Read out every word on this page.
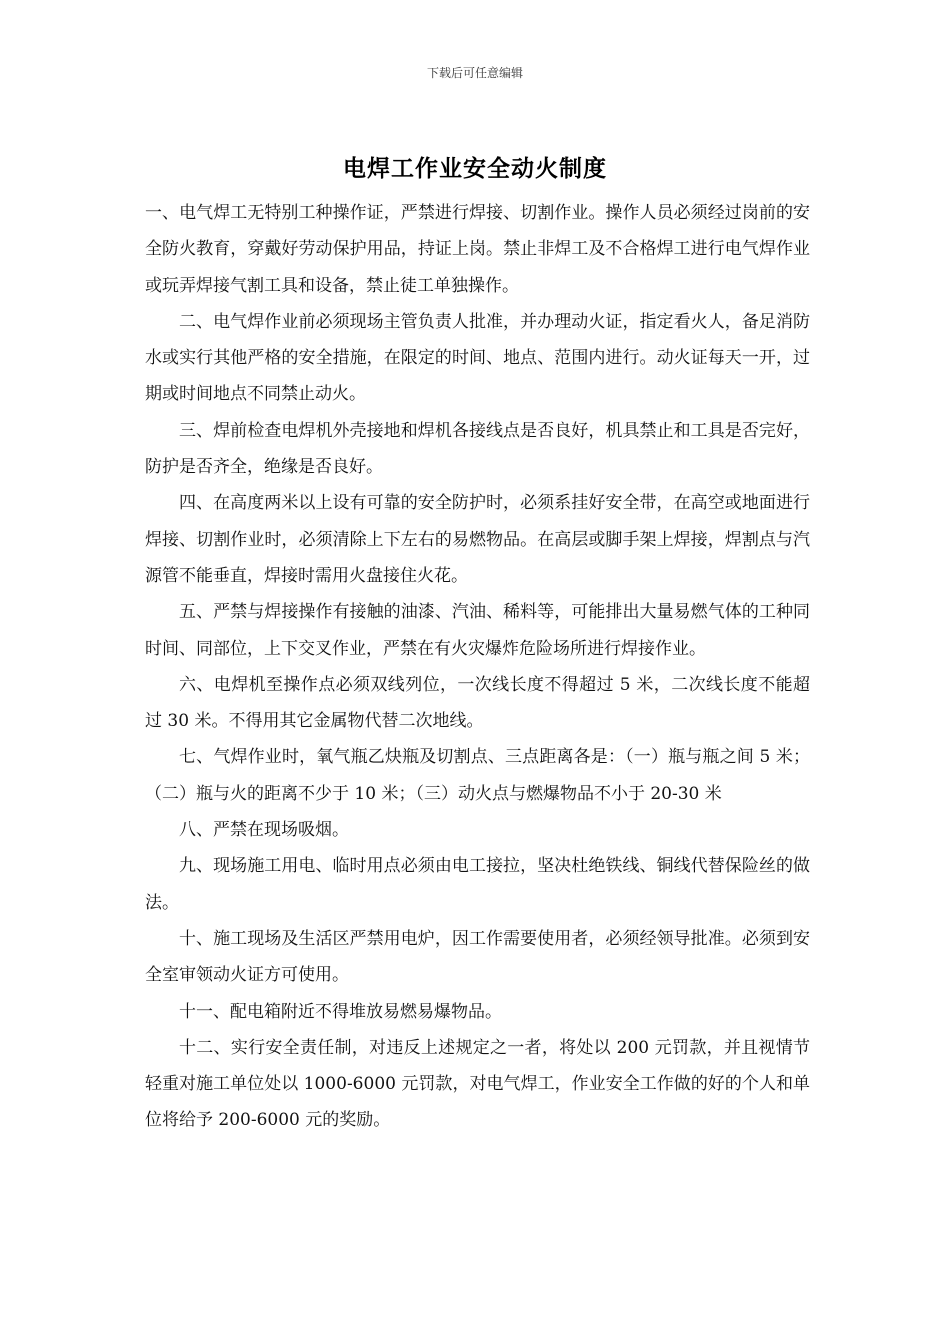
下载后可任意编辑
电焊工作业安全动火制度

一、电气焊工无特别工种操作证，严禁进行焊接、切割作业。操作人员必须经过岗前的安全防火教育，穿戴好劳动保护用品，持证上岗。禁止非焊工及不合格焊工进行电气焊作业或玩弄焊接气割工具和设备，禁止徒工单独操作。

二、电气焊作业前必须现场主管负责人批准，并办理动火证，指定看火人，备足消防水或实行其他严格的安全措施，在限定的时间、地点、范围内进行。动火证每天一开，过期或时间地点不同禁止动火。

三、焊前检查电焊机外壳接地和焊机各接线点是否良好，机具禁止和工具是否完好，防护是否齐全，绝缘是否良好。

四、在高度两米以上设有可靠的安全防护时，必须系挂好安全带，在高空或地面进行焊接、切割作业时，必须清除上下左右的易燃物品。在高层或脚手架上焊接，焊割点与汽源管不能垂直，焊接时需用火盘接住火花。

五、严禁与焊接操作有接触的油漆、汽油、稀料等，可能排出大量易燃气体的工种同时间、同部位，上下交叉作业，严禁在有火灾爆炸危险场所进行焊接作业。

六、电焊机至操作点必须双线列位，一次线长度不得超过 5 米，二次线长度不能超过 30 米。不得用其它金属物代替二次地线。

七、气焊作业时，氧气瓶乙炔瓶及切割点、三点距离各是：（一）瓶与瓶之间 5 米；（二）瓶与火的距离不少于 10 米；（三）动火点与燃爆物品不小于 20-30 米

八、严禁在现场吸烟。

九、现场施工用电、临时用点必须由电工接拉，坚决杜绝铁线、铜线代替保险丝的做法。

十、施工现场及生活区严禁用电炉，因工作需要使用者，必须经领导批准。必须到安全室审领动火证方可使用。

十一、配电箱附近不得堆放易燃易爆物品。

十二、实行安全责任制，对违反上述规定之一者，将处以 200 元罚款，并且视情节轻重对施工单位处以 1000-6000 元罚款，对电气焊工，作业安全工作做的好的个人和单位将给予 200-6000 元的奖励。
